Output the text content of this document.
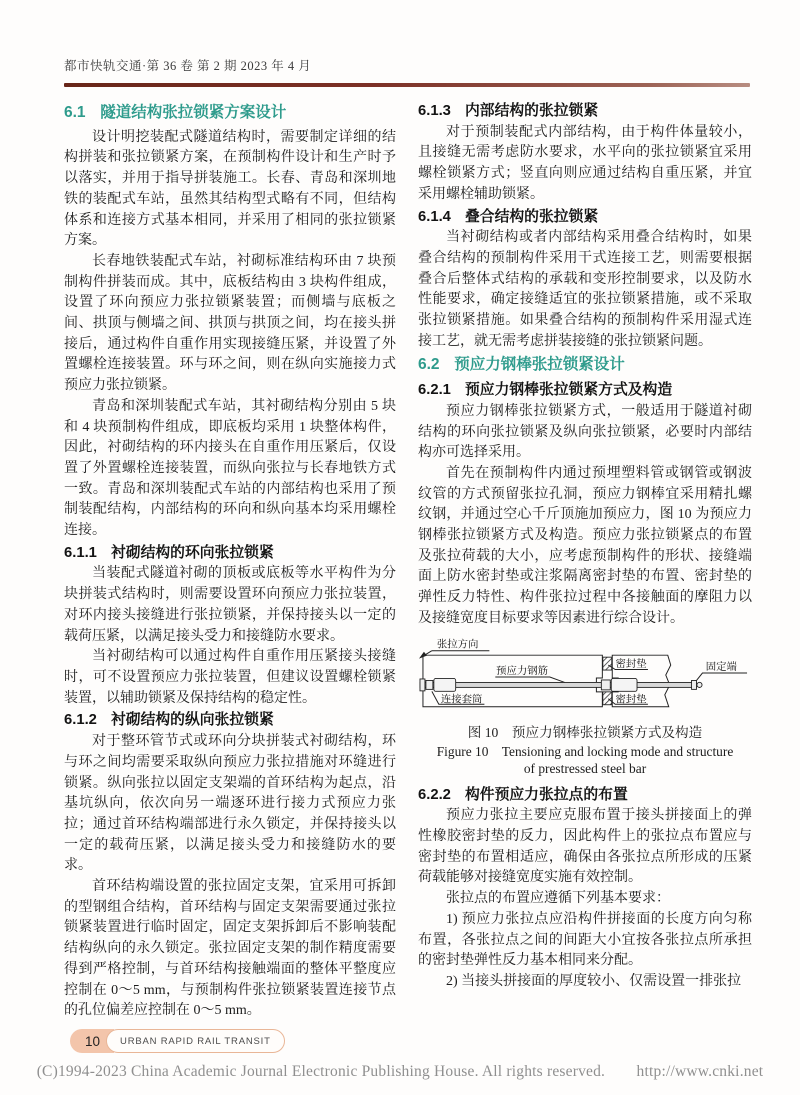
都市快轨交通·第 36 卷 第 2 期 2023 年 4 月
6.1 隧道结构张拉锁紧方案设计

设计明挖装配式隧道结构时，需要制定详细的结构拼装和张拉锁紧方案，在预制构件设计和生产时予以落实，并用于指导拼装施工。长春、青岛和深圳地铁的装配式车站，虽然其结构型式略有不同，但结构体系和连接方式基本相同，并采用了相同的张拉锁紧方案。

长春地铁装配式车站，衬砌标准结构环由 7 块预制构件拼装而成。其中，底板结构由 3 块构件组成，设置了环向预应力张拉锁紧装置；而侧墙与底板之间、拱顶与侧墙之间、拱顶与拱顶之间，均在接头拼接后，通过构件自重作用实现接缝压紧，并设置了外置螺栓连接装置。环与环之间，则在纵向实施接力式预应力张拉锁紧。

青岛和深圳装配式车站，其衬砌结构分别由 5 块和 4 块预制构件组成，即底板均采用 1 块整体构件，因此，衬砌结构的环内接头在自重作用压紧后，仅设置了外置螺栓连接装置，而纵向张拉与长春地铁方式一致。青岛和深圳装配式车站的内部结构也采用了预制装配结构，内部结构的环向和纵向基本均采用螺栓连接。

6.1.1 衬砌结构的环向张拉锁紧

当装配式隧道衬砌的顶板或底板等水平构件为分块拼装式结构时，则需要设置环向预应力张拉装置，对环内接头接缝进行张拉锁紧，并保持接头以一定的载荷压紧，以满足接头受力和接缝防水要求。

当衬砌结构可以通过构件自重作用压紧接头接缝时，可不设置预应力张拉装置，但建议设置螺栓锁紧装置，以辅助锁紧及保持结构的稳定性。

6.1.2 衬砌结构的纵向张拉锁紧

对于整环管节式或环向分块拼装式衬砌结构，环与环之间均需要采取纵向预应力张拉措施对环缝进行锁紧。纵向张拉以固定支架端的首环结构为起点，沿基坑纵向，依次向另一端逐环进行接力式预应力张拉；通过首环结构端部进行永久锁定，并保持接头以一定的载荷压紧，以满足接头受力和接缝防水的要求。

首环结构端设置的张拉固定支架，宜采用可拆卸的型钢组合结构，首环结构与固定支架需要通过张拉锁紧装置进行临时固定，固定支架拆卸后不影响装配结构纵向的永久锁定。张拉固定支架的制作精度需要得到严格控制，与首环结构接触端面的整体平整度应控制在 0～5 mm，与预制构件张拉锁紧装置连接节点的孔位偏差应控制在 0～5 mm。

6.1.3 内部结构的张拉锁紧

对于预制装配式内部结构，由于构件体量较小，且接缝无需考虑防水要求，水平向的张拉锁紧宜采用螺栓锁紧方式；竖直向则应通过结构自重压紧，并宜采用螺栓辅助锁紧。

6.1.4 叠合结构的张拉锁紧

当衬砌结构或者内部结构采用叠合结构时，如果叠合结构的预制构件采用干式连接工艺，则需要根据叠合后整体式结构的承载和变形控制要求，以及防水性能要求，确定接缝适宜的张拉锁紧措施，或不采取张拉锁紧措施。如果叠合结构的预制构件采用湿式连接工艺，就无需考虑拼装接缝的张拉锁紧问题。

6.2 预应力钢棒张拉锁紧设计
6.2.1 预应力钢棒张拉锁紧方式及构造

预应力钢棒张拉锁紧方式，一般适用于隧道衬砌结构的环向张拉锁紧及纵向张拉锁紧，必要时内部结构亦可选择采用。

首先在预制构件内通过预埋塑料管或钢管或钢波纹管的方式预留张拉孔洞，预应力钢棒宜采用精扎螺纹钢，并通过空心千斤顶施加预应力，图 10 为预应力钢棒张拉锁紧方式及构造。预应力张拉锁紧点的布置及张拉荷载的大小，应考虑预制构件的形状、接缝端面上防水密封垫或注浆隔离密封垫的布置、密封垫的弹性反力特性、构件张拉过程中各接触面的摩阻力以及接缝宽度目标要求等因素进行综合设计。

张拉方向
预应力钢筋
密封垫
密封垫
连接套筒
固定端
图 10　预应力钢棒张拉锁紧方式及构造
Figure 10　Tensioning and locking mode and structure
of prestressed steel bar
6.2.2 构件预应力张拉点的布置

预应力张拉主要应克服布置于接头拼接面上的弹性橡胶密封垫的反力，因此构件上的张拉点布置应与密封垫的布置相适应，确保由各张拉点所形成的压紧荷载能够对接缝宽度实施有效控制。

张拉点的布置应遵循下列基本要求：

1) 预应力张拉点应沿构件拼接面的长度方向匀称布置，各张拉点之间的间距大小宜按各张拉点所承担的密封垫弹性反力基本相同来分配。

2) 当接头拼接面的厚度较小、仅需设置一排张拉

10	URBAN RAPID RAIL TRANSIT
(C)1994-2023 China Academic Journal Electronic Publishing House. All rights reserved.　　http://www.cnki.net
